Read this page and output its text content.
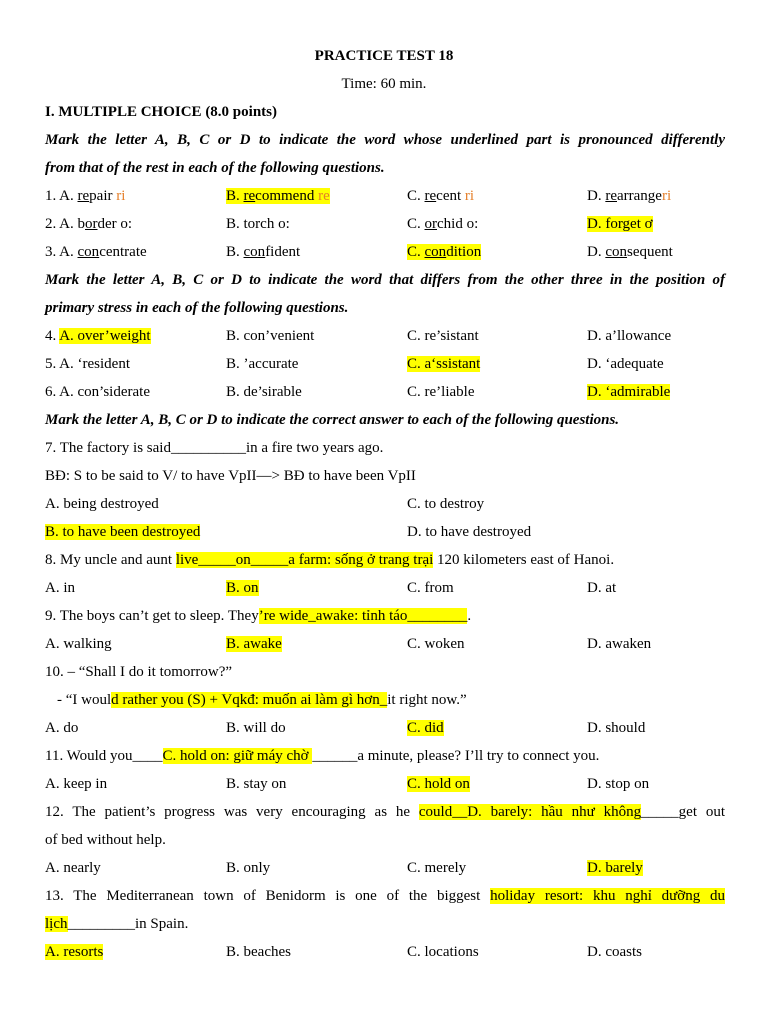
PRACTICE TEST 18
Time: 60 min.
I. MULTIPLE CHOICE (8.0 points)
Mark the letter A, B, C or D to indicate the word whose underlined part is pronounced differently
from that of the rest in each of the following questions.
1. A. repair ri	B. recommend re	C. recent ri	D. rearrangeri
2. A. border o:	B. torch o:	C. orchid o:	D. forget ơ
3. A. concentrate	B. confident	C. condition	D. consequent
Mark the letter A, B, C or D to indicate the word that differs from the other three in the position of
primary stress in each of the following questions.
4. A. over’weight	B. con’venient	C. re’sistant	D. a’llowance
5. A. ‘resident	B. ’accurate	C. a‘ssistant	D. ‘adequate
6. A. con’siderate	B. de’sirable	C. re’liable	D. ‘admirable
Mark the letter A, B, C or D to indicate the correct answer to each of the following questions.
7. The factory is said__________in a fire two years ago.
BĐ: S to be said to V/ to have VpII—> BĐ to have been VpII
A. being destroyed	C. to destroy
B. to have been destroyed	D. to have destroyed
8. My uncle and aunt live_____on_____a farm: sống ở trang trại 120 kilometers east of Hanoi.
A. in	B. on	C. from	D. at
9. The boys can’t get to sleep. They’re wide_awake: tỉnh táo________.
A. walking	B. awake	C. woken	D. awaken
10. – “Shall I do it tomorrow?”
- “I would rather you (S) + Vqkđ: muốn ai làm gì hơn_it right now.”
A. do	B. will do	C. did	D. should
11. Would you____C. hold on: giữ máy chờ ______a minute, please? I’ll try to connect you.
A. keep in	B. stay on	C. hold on	D. stop on
12. The patient’s progress was very encouraging as he could__D. barely: hầu như không_____get out
of bed without help.
A. nearly	B. only	C. merely	D. barely
13. The Mediterranean town of Benidorm is one of the biggest holiday resort: khu nghỉ dưỡng du
lịch_________in Spain.
A. resorts	B. beaches	C. locations	D. coasts
